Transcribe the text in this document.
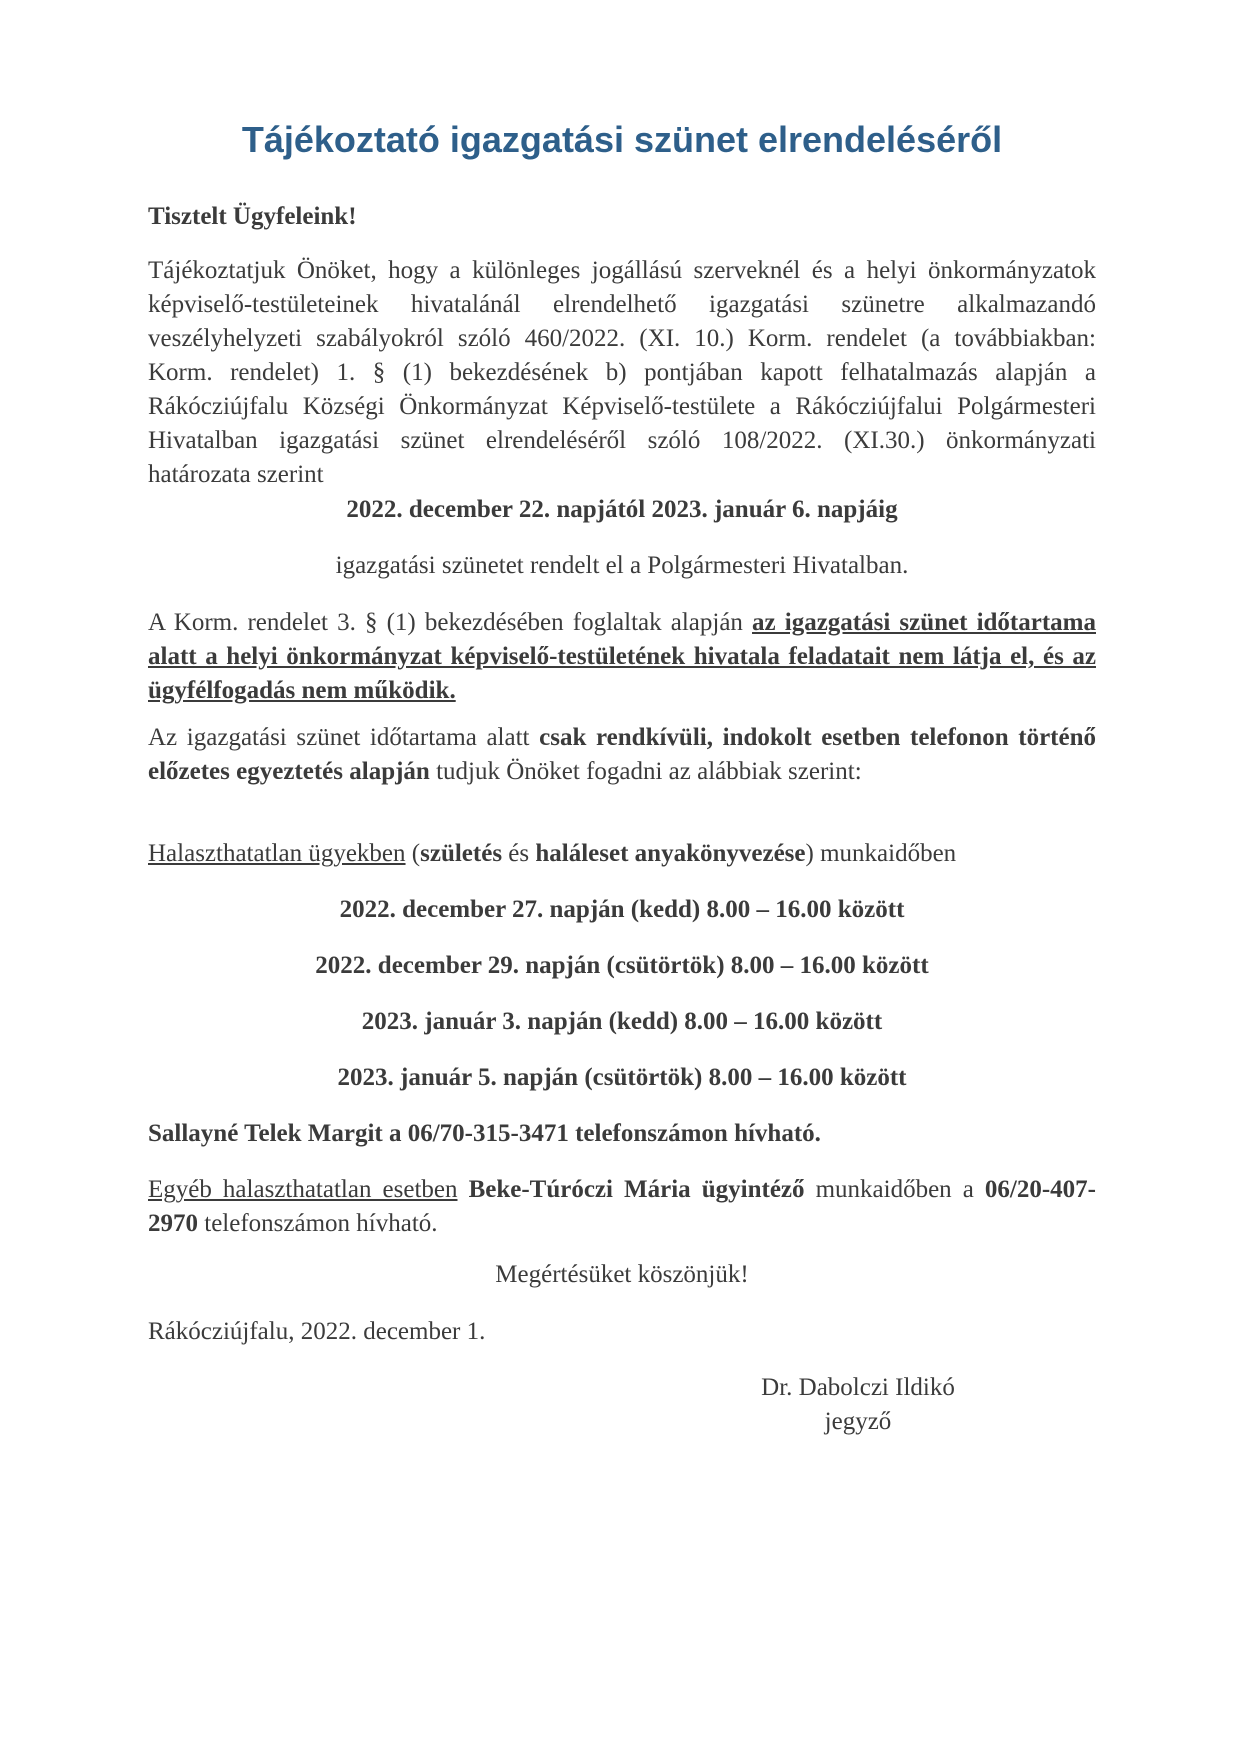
Tájékoztató igazgatási szünet elrendeléséről

Tisztelt Ügyfeleink!

Tájékoztatjuk Önöket, hogy a különleges jogállású szerveknél és a helyi önkormányzatok képviselő-testületeinek hivatalánál elrendelhető igazgatási szünetre alkalmazandó veszélyhelyzeti szabályokról szóló 460/2022. (XI. 10.) Korm. rendelet (a továbbiakban: Korm. rendelet) 1. § (1) bekezdésének b) pontjában kapott felhatalmazás alapján a Rákócziújfalu Községi Önkormányzat Képviselő-testülete a Rákócziújfalui Polgármesteri Hivatalban igazgatási szünet elrendeléséről szóló 108/2022. (XI.30.) önkormányzati határozata szerint

2022. december 22. napjától 2023. január 6. napjáig

igazgatási szünetet rendelt el a Polgármesteri Hivatalban.

A Korm. rendelet 3. § (1) bekezdésében foglaltak alapján az igazgatási szünet időtartama alatt a helyi önkormányzat képviselő-testületének hivatala feladatait nem látja el, és az ügyfélfogadás nem működik.

Az igazgatási szünet időtartama alatt csak rendkívüli, indokolt esetben telefonon történő előzetes egyeztetés alapján tudjuk Önöket fogadni az alábbiak szerint:

Halaszthatatlan ügyekben (születés és haláleset anyakönyvezése) munkaidőben

2022. december 27. napján (kedd) 8.00 – 16.00 között

2022. december 29. napján (csütörtök) 8.00 – 16.00 között

2023. január 3. napján (kedd) 8.00 – 16.00 között

2023. január 5. napján (csütörtök) 8.00 – 16.00 között

Sallayné Telek Margit a 06/70-315-3471 telefonszámon hívható.

Egyéb halaszthatatlan esetben Beke-Túróczi Mária ügyintéző munkaidőben a 06/20-407-2970 telefonszámon hívható.

Megértésüket köszönjük!

Rákócziújfalu, 2022. december 1.

Dr. Dabolczi Ildikó
jegyző
